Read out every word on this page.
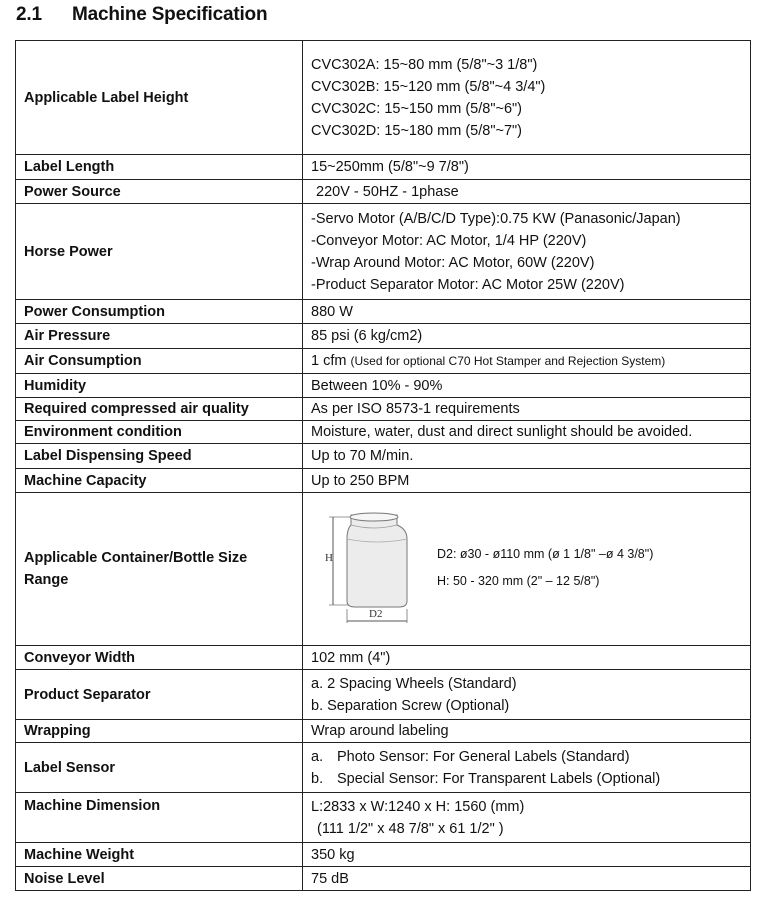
2.1 Machine Specification
Applicable Label Height	CVC302A: 15~80 mm (5/8"~3 1/8")
CVC302B: 15~120 mm (5/8"~4 3/4")
CVC302C: 15~150 mm (5/8"~6")
CVC302D: 15~180 mm (5/8"~7")

Label Length	15~250mm (5/8"~9 7/8")
Power Source	220V - 50HZ - 1phase
Horse Power	-Servo Motor (A/B/C/D Type):0.75 KW (Panasonic/Japan)
-Conveyor Motor: AC Motor, 1/4 HP (220V)
-Wrap Around Motor: AC Motor, 60W (220V)
-Product Separator Motor: AC Motor 25W (220V)

Power Consumption	880 W
Air Pressure	85 psi (6 kg/cm2)
Air Consumption	1 cfm (Used for optional C70 Hot Stamper and Rejection System)
Humidity	Between 10% - 90%
Required compressed air quality	As per ISO 8573-1 requirements
Environment condition	Moisture, water, dust and direct sunlight should be avoided.
Label Dispensing Speed	Up to 70 M/min.
Machine Capacity	Up to 250 BPM

Applicable Container/Bottle Size
Range	H
D2
D2: ø30 - ø110 mm (ø 1 1/8" –ø 4 3/8")
H: 50 - 320 mm (2" – 12 5/8")

Conveyor Width	102 mm (4")
Product Separator	a. 2 Spacing Wheels (Standard)
b. Separation Screw (Optional)

Wrapping	Wrap around labeling
Label Sensor	a. Photo Sensor: For General Labels (Standard)
b. Special Sensor: For Transparent Labels (Optional)

Machine Dimension	L:2833 x W:1240 x H: 1560 (mm)
(111 1/2" x 48 7/8" x 61 1/2" )

Machine Weight	350 kg
Noise Level	75 dB
